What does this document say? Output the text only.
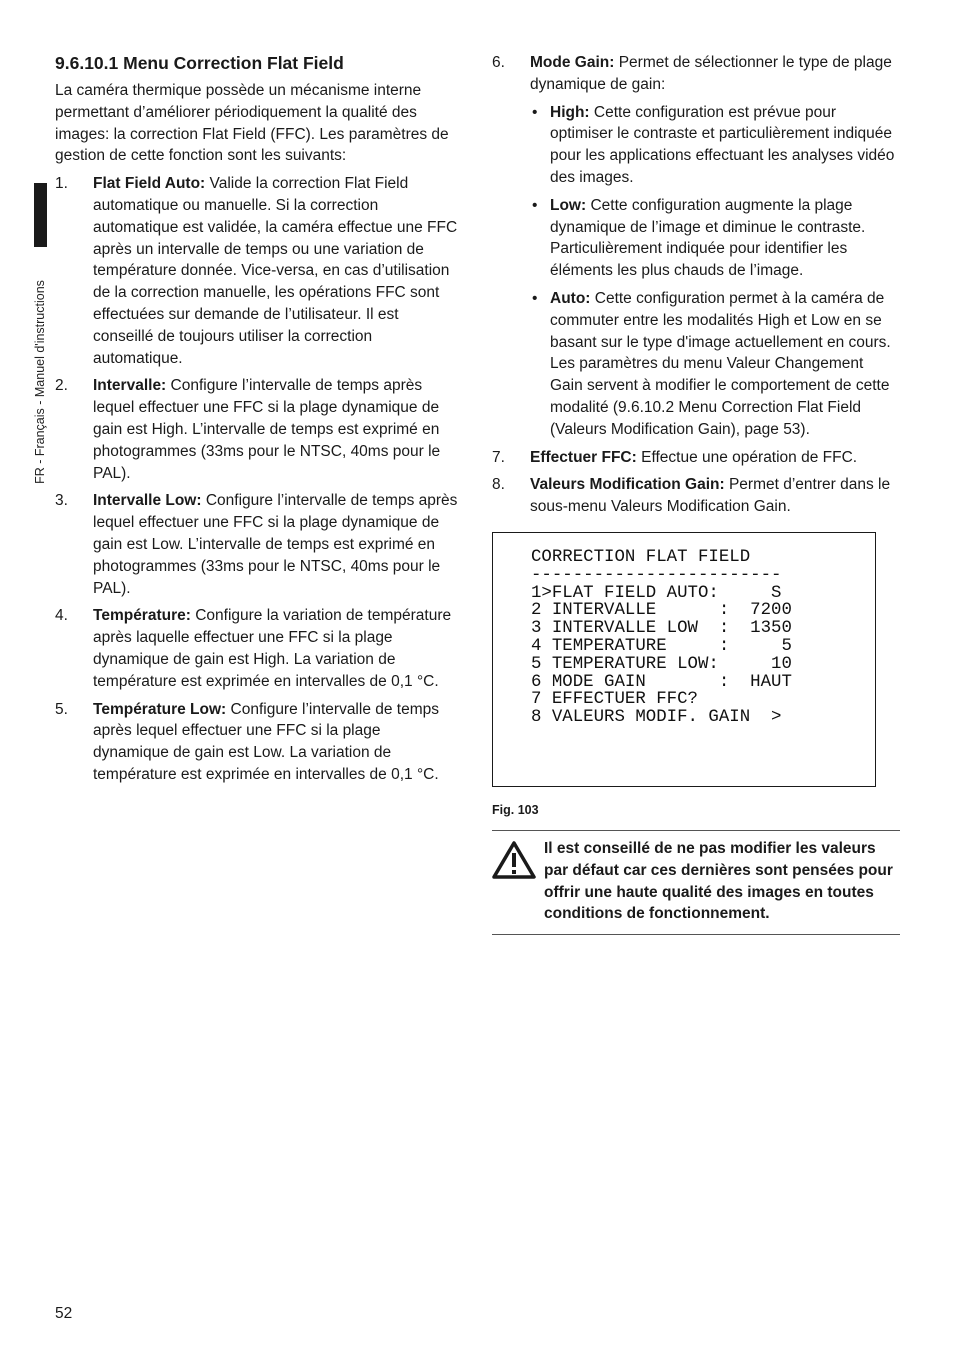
FR - Français - Manuel d'instructions
9.6.10.1 Menu Correction Flat Field

La caméra thermique possède un mécanisme interne permettant d’améliorer périodiquement la qualité des images: la correction Flat Field (FFC). Les paramètres de gestion de cette fonction sont les suivants:

1. Flat Field Auto: Valide la correction Flat Field automatique ou manuelle. Si la correction automatique est validée, la caméra effectue une FFC après un intervalle de temps ou une variation de température donnée. Vice-versa, en cas d’utilisation de la correction manuelle, les opérations FFC sont effectuées sur demande de l’utilisateur. Il est conseillé de toujours utiliser la correction automatique.
2. Intervalle: Configure l’intervalle de temps après lequel effectuer une FFC si la plage dynamique de gain est High. L’intervalle de temps est exprimé en photogrammes (33ms pour le NTSC, 40ms pour le PAL).
3. Intervalle Low: Configure l’intervalle de temps après lequel effectuer une FFC si la plage dynamique de gain est Low. L’intervalle de temps est exprimé en photogrammes (33ms pour le NTSC, 40ms pour le PAL).
4. Température: Configure la variation de température après laquelle effectuer une FFC si la plage dynamique de gain est High. La variation de température est exprimée en intervalles de 0,1 °C.
5. Température Low: Configure l’intervalle de temps après lequel effectuer une FFC si la plage dynamique de gain est Low. La variation de température est exprimée en intervalles de 0,1 °C.
6. Mode Gain: Permet de sélectionner le type de plage dynamique de gain:
• High: Cette configuration est prévue pour optimiser le contraste et particulièrement indiquée pour les applications effectuant les analyses vidéo des images.
• Low: Cette configuration augmente la plage dynamique de l’image et diminue le contraste. Particulièrement indiquée pour identifier les éléments les plus chauds de l’image.
• Auto: Cette configuration permet à la caméra de commuter entre les modalités High et Low en se basant sur le type d'image actuellement en cours. Les paramètres du menu Valeur Changement Gain servent à modifier le comportement de cette modalité (9.6.10.2 Menu Correction Flat Field (Valeurs Modification Gain), page 53).
7. Effectuer FFC: Effectue une opération de FFC.
8. Valeurs Modification Gain: Permet d’entrer dans le sous-menu Valeurs Modification Gain.
CORRECTION FLAT FIELD
------------------------
1>FLAT FIELD AUTO:     S
2 INTERVALLE      :  7200
3 INTERVALLE LOW  :  1350
4 TEMPERATURE     :     5
5 TEMPERATURE LOW:     10
6 MODE GAIN       :  HAUT
7 EFFECTUER FFC?
8 VALEURS MODIF. GAIN  >
Fig. 103
Il est conseillé de ne pas modifier les valeurs par défaut car ces dernières sont pensées pour offrir une haute qualité des images en toutes conditions de fonctionnement.
52
